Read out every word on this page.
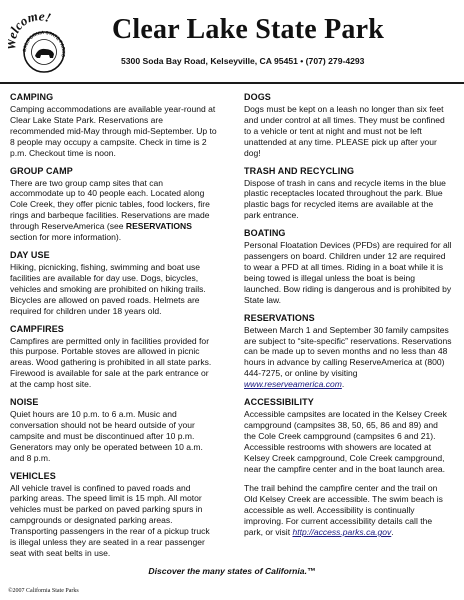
lcome!
CALIFORNIA STATE PARKS
Clear Lake State Park
5300 Soda Bay Road, Kelseyville, CA 95451 • (707) 279-4293
CAMPING

Camping accommodations are available year-round at Clear Lake State Park. Reservations are recommended mid-May through mid-September. Up to 8 people may occupy a campsite. Check in time is 2 p.m. Checkout time is noon.

GROUP CAMP

There are two group camp sites that can accommodate up to 40 people each. Located along Cole Creek, they offer picnic tables, food lockers, fire rings and barbeque facilities. Reservations are made through ReserveAmerica (see RESERVATIONS section for more information).

DAY USE

Hiking, picnicking, fishing, swimming and boat use facilities are available for day use. Dogs, bicycles, vehicles and smoking are prohibited on hiking trails. Bicycles are allowed on paved roads. Helmets are required for children under 18 years old.

CAMPFIRES

Campfires are permitted only in facilities provided for this purpose. Portable stoves are allowed in picnic areas. Wood gathering is prohibited in all state parks. Firewood is available for sale at the park entrance or at the camp host site.

NOISE

Quiet hours are 10 p.m. to 6 a.m. Music and conversation should not be heard outside of your campsite and must be discontinued after 10 p.m. Generators may only be operated between 10 a.m. and 8 p.m.

VEHICLES

All vehicle travel is confined to paved roads and parking areas. The speed limit is 15 mph. All motor vehicles must be parked on paved parking spurs in campgrounds or designated parking areas. Transporting passengers in the rear of a pickup truck is illegal unless they are seated in a rear passenger seat with seat belts in use.

DOGS

Dogs must be kept on a leash no longer than six feet and under control at all times. They must be confined to a vehicle or tent at night and must not be left unattended at any time. PLEASE pick up after your dog!

TRASH AND RECYCLING

Dispose of trash in cans and recycle items in the blue plastic receptacles located throughout the park. Blue plastic bags for recycled items are available at the park entrance.

BOATING

Personal Floatation Devices (PFDs) are required for all passengers on board. Children under 12 are required to wear a PFD at all times. Riding in a boat while it is being towed is illegal unless the boat is being launched. Bow riding is dangerous and is prohibited by State law.

RESERVATIONS

Between March 1 and September 30 family campsites are subject to “site-specific” reservations. Reservations can be made up to seven months and no less than 48 hours in advance by calling ReserveAmerica at (800) 444-7275, or online by visiting www.reserveamerica.com.

ACCESSIBILITY

Accessible campsites are located in the Kelsey Creek campground (campsites 38, 50, 65, 86 and 89) and the Cole Creek campground (campsites 6 and 21). Accessible restrooms with showers are located at Kelsey Creek campground, Cole Creek campground, near the campfire center and in the boat launch area.

The trail behind the campfire center and the trail on Old Kelsey Creek are accessible. The swim beach is accessible as well. Accessibility is continually improving. For current accessibility details call the park, or visit http://access.parks.ca.gov.

Discover the many states of California.™
©2007 California State Parks
